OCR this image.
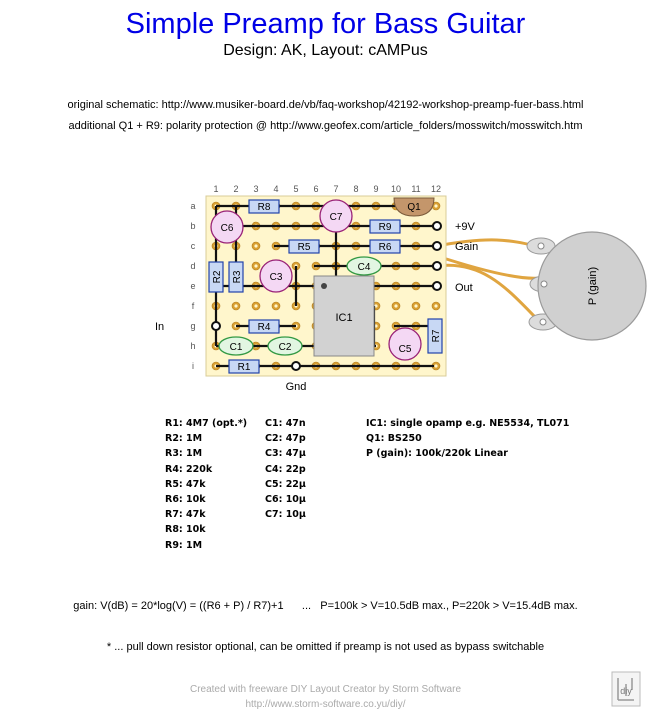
Simple Preamp for Bass Guitar
Design: AK, Layout: cAMPus
original schematic: http://www.musiker-board.de/vb/faq-workshop/42192-workshop-preamp-fuer-bass.html
additional Q1 + R9: polarity protection @ http://www.geofex.com/article_folders/mosswitch/mosswitch.htm
P (gain)
1 2 3 4 5 6 7 8 9 10 11 12
a
b
c
d
e
f
g
h
i
R8
R9
R5	R6
R2 R3
R4
R1
R7
IC1
Q1
C6
C7
C3
C5
C4
C1	C2
+9V
Gain
Out
In
Gnd
diy
R1: 4M7 (opt.*)
R2: 1M
R3: 1M
R4: 220k
R5: 47k
R6: 10k
R7: 47k
R8: 10k
R9: 1M
C1: 47n
C2: 47p
C3: 47µ
C4: 22p
C5: 22µ
C6: 10µ
C7: 10µ
IC1: single opamp e.g. NE5534, TL071
Q1: BS250
P (gain): 100k/220k Linear
gain: V(dB) = 20*log(V) = ((R6 + P) / R7)+1      ...   P=100k > V=10.5dB max., P=220k > V=15.4dB max.
* ... pull down resistor optional, can be omitted if preamp is not used as bypass switchable
Created with freeware DIY Layout Creator by Storm Software
http://www.storm-software.co.yu/diy/
